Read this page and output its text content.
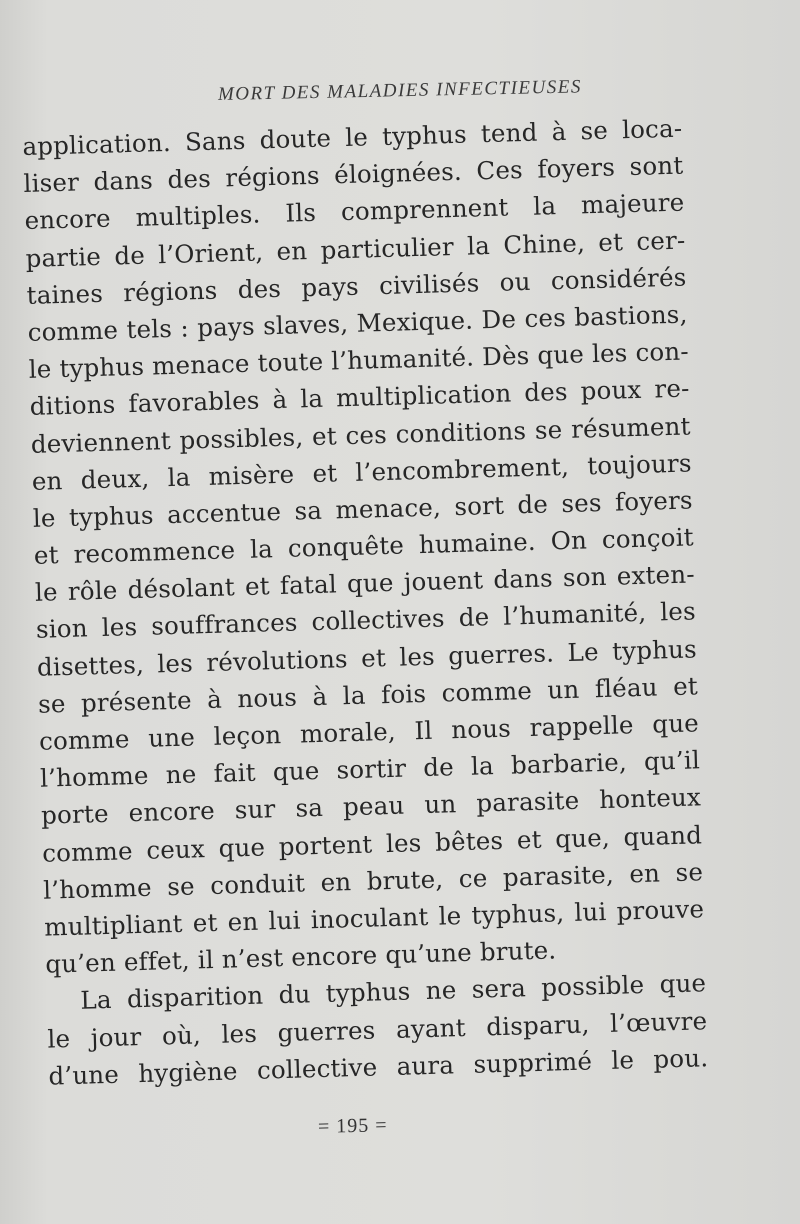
MORT DES MALADIES INFECTIEUSES
application. Sans doute le typhus tend à se loca-
liser dans des régions éloignées. Ces foyers sont
encore multiples. Ils comprennent la majeure
partie de l’Orient, en particulier la Chine, et cer-
taines régions des pays civilisés ou considérés
comme tels : pays slaves, Mexique. De ces bastions,
le typhus menace toute l’humanité. Dès que les con-
ditions favorables à la multiplication des poux re-
deviennent possibles, et ces conditions se résument
en deux, la misère et l’encombrement, toujours
le typhus accentue sa menace, sort de ses foyers
et recommence la conquête humaine. On conçoit
le rôle désolant et fatal que jouent dans son exten-
sion les souffrances collectives de l’humanité, les
disettes, les révolutions et les guerres. Le typhus
se présente à nous à la fois comme un fléau et
comme une leçon morale, Il nous rappelle que
l’homme ne fait que sortir de la barbarie, qu’il
porte encore sur sa peau un parasite honteux
comme ceux que portent les bêtes et que, quand
l’homme se conduit en brute, ce parasite, en se
multipliant et en lui inoculant le typhus, lui prouve
qu’en effet, il n’est encore qu’une brute.
La disparition du typhus ne sera possible que
le jour où, les guerres ayant disparu, l’œuvre
d’une hygiène collective aura supprimé le pou.
= 195 =
